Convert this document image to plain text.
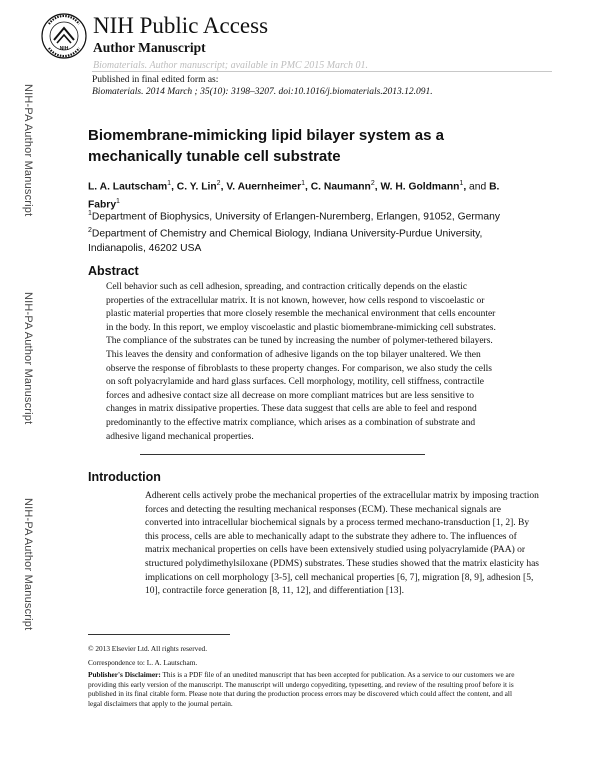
NIH
NIH Public Access
Author Manuscript
Biomaterials. Author manuscript; available in PMC 2015 March 01.
Published in final edited form as:
Biomaterials. 2014 March ; 35(10): 3198–3207. doi:10.1016/j.biomaterials.2013.12.091.
NIH-PA Author Manuscript
NIH-PA Author Manuscript
NIH-PA Author Manuscript
Biomembrane-mimicking lipid bilayer system as a mechanically tunable cell substrate
L. A. Lautscham$^1$, C. Y. Lin$^2$, V. Auernheimer$^1$, C. Naumann$^2$, W. H. Goldmann$^1$, and B. Fabry$^1$
$^1$Department of Biophysics, University of Erlangen-Nuremberg, Erlangen, 91052, Germany
$^2$Department of Chemistry and Chemical Biology, Indiana University-Purdue University, Indianapolis, 46202 USA
Abstract
Cell behavior such as cell adhesion, spreading, and contraction critically depends on the elastic properties of the extracellular matrix. It is not known, however, how cells respond to viscoelastic or plastic material properties that more closely resemble the mechanical environment that cells encounter in the body. In this report, we employ viscoelastic and plastic biomembrane-mimicking cell substrates. The compliance of the substrates can be tuned by increasing the number of polymer-tethered bilayers. This leaves the density and conformation of adhesive ligands on the top bilayer unaltered. We then observe the response of fibroblasts to these property changes. For comparison, we also study the cells on soft polyacrylamide and hard glass surfaces. Cell morphology, motility, cell stiffness, contractile forces and adhesive contact size all decrease on more compliant matrices but are less sensitive to changes in matrix dissipative properties. These data suggest that cells are able to feel and respond predominantly to the effective matrix compliance, which arises as a combination of substrate and adhesive ligand mechanical properties.
Introduction
Adherent cells actively probe the mechanical properties of the extracellular matrix by imposing traction forces and detecting the resulting mechanical responses (ECM). These mechanical signals are converted into intracellular biochemical signals by a process termed mechano-transduction [1, 2]. By this process, cells are able to mechanically adapt to the substrate they adhere to. The influences of matrix mechanical properties on cells have been extensively studied using polyacrylamide (PAA) or structured polydimethylsiloxane (PDMS) substrates. These studies showed that the matrix elasticity has implications on cell morphology [3-5], cell mechanical properties [6, 7], migration [8, 9], adhesion [5, 10], contractile force generation [8, 11, 12], and differentiation [13].
© 2013 Elsevier Ltd. All rights reserved.
Correspondence to: L. A. Lautscham.
Publisher's Disclaimer: This is a PDF file of an unedited manuscript that has been accepted for publication. As a service to our customers we are providing this early version of the manuscript. The manuscript will undergo copyediting, typesetting, and review of the resulting proof before it is published in its final citable form. Please note that during the production process errors may be discovered which could affect the content, and all legal disclaimers that apply to the journal pertain.
